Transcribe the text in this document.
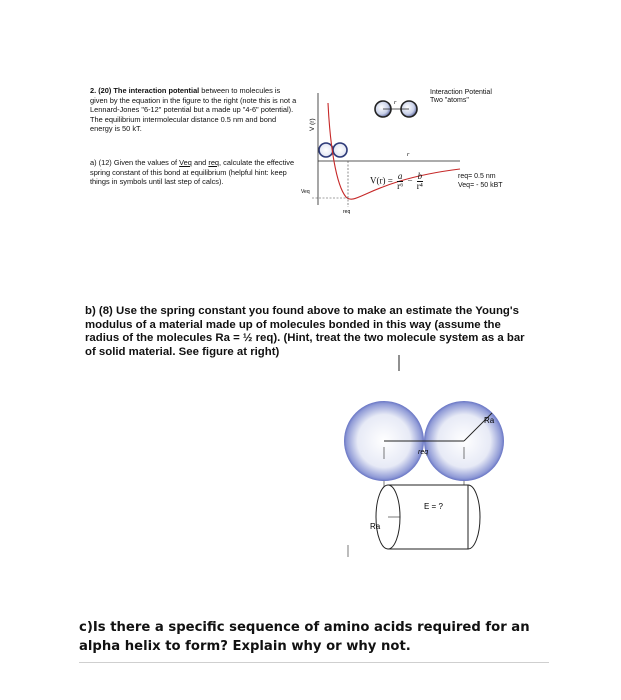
2. (20) The interaction potential between to molecules is given by the equation in the figure to the right (note this is not a Lennard-Jones "6-12" potential but a made up "4-6" potential). The equilibrium intermolecular distance 0.5 nm and bond energy is 50 kT.
a) (12) Given the values of Veq and req, calculate the effective spring constant of this bond at equilibrium (helpful hint: keep things in symbols until last step of calcs).
r
V (r)
r
Veq
req
Interaction Potential
Two "atoms"
$V(r) = \frac{a}{\text{r⁶}} - \frac{b}{\text{r⁴}}$	req= 0.5 nm
Veq= - 50 kBT
b) (8) Use the spring constant you found above to make an estimate the Young's modulus of a material made up of molecules bonded in this way (assume the radius of the molecules Ra = ½ req). (Hint, treat the two molecule system as a bar of solid material. See figure at right)
Ra
req
Ra
E = ?
c)Is there a specific sequence of amino acids required for an alpha helix to form? Explain why or why not.
